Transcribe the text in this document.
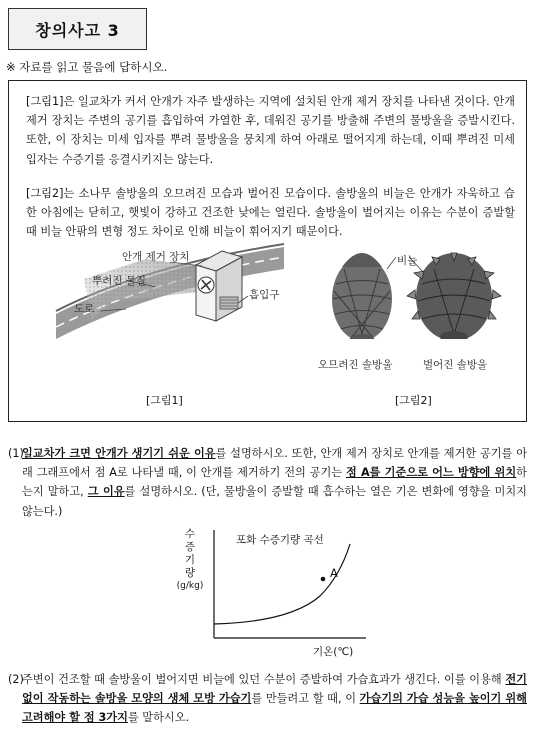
창의사고 3
※ 자료를 읽고 물음에 답하시오.

[그림1]은 일교차가 커서 안개가 자주 발생하는 지역에 설치된 안개 제거 장치를 나타낸 것이다. 안개 제거 장치는 주변의 공기를 흡입하여 가열한 후, 데워진 공기를 방출해 주변의 물방울을 증발시킨다. 또한, 이 장치는 미세 입자를 뿌려 물방울을 뭉치게 하여 아래로 떨어지게 하는데, 이때 뿌려진 미세 입자는 수증기를 응결시키지는 않는다.

[그림2]는 소나무 솔방울의 오므려진 모습과 벌어진 모습이다. 솔방울의 비늘은 안개가 자욱하고 습한 아침에는 닫히고, 햇빛이 강하고 건조한 낮에는 열린다. 솔방울이 벌어지는 이유는 수분이 증발할 때 비늘 안팎의 변형 정도 차이로 인해 비늘이 휘어지기 때문이다.

안개 제거 장치
뿌려진 물질
도로
흡입구
비늘
오므려진 솔방울	벌어진 솔방울
[그림1]	[그림2]
(1)
일교차가 크면 안개가 생기기 쉬운 이유를 설명하시오. 또한, 안개 제거 장치로 안개를 제거한 공기를 아래 그래프에서 점 A로 나타낼 때, 이 안개를 제거하기 전의 공기는 점 A를 기준으로 어느 방향에 위치하는지 말하고, 그 이유를 설명하시오. (단, 물방울이 증발할 때 흡수하는 열은 기온 변화에 영향을 미치지 않는다.)
수
증
기
량
(g/kg)
포화 수증기량 곡선
A
기온(℃)
(2)
주변이 건조할 때 솔방울이 벌어지면 비늘에 있던 수분이 증발하여 가습효과가 생긴다. 이를 이용해 전기 없이 작동하는 솔방울 모양의 생체 모방 가습기를 만들려고 할 때, 이 가습기의 가습 성능을 높이기 위해 고려해야 할 점 3가지를 말하시오.
